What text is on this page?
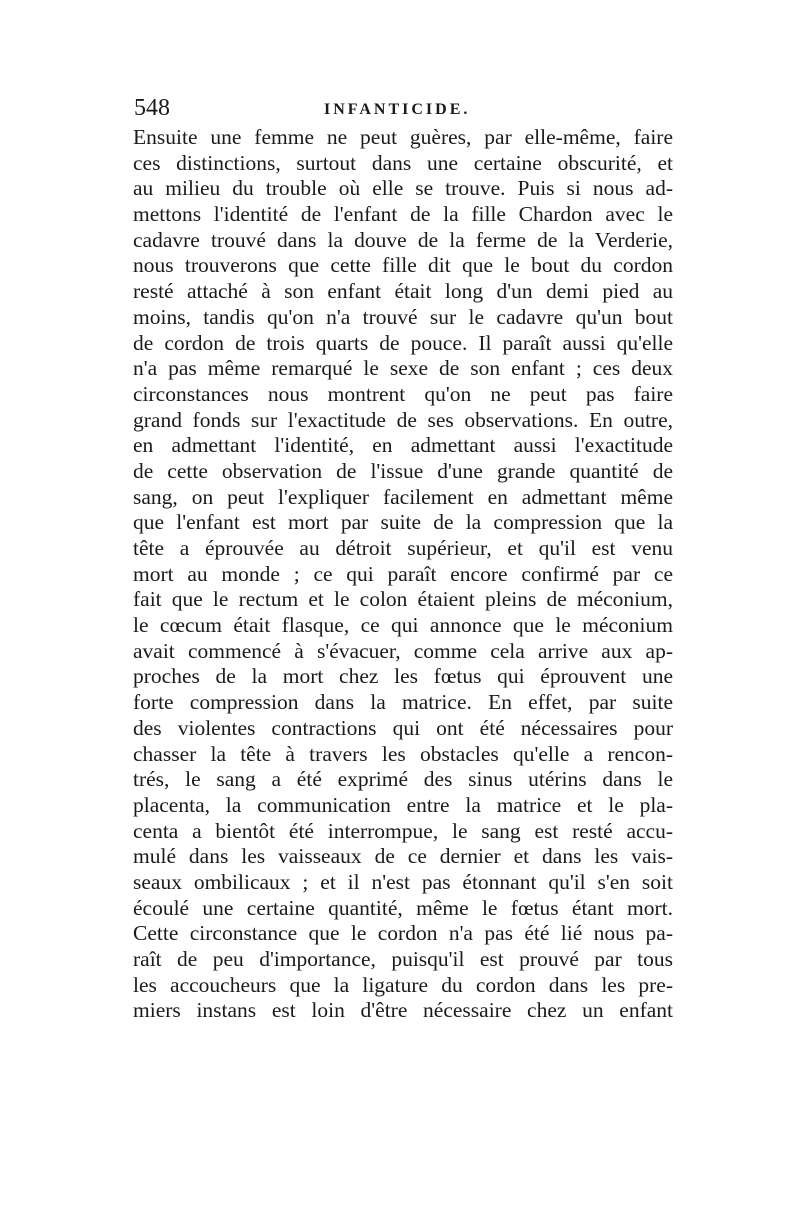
548	INFANTICIDE.
Ensuite une femme ne peut guères, par elle-même, faire
ces distinctions, surtout dans une certaine obscurité, et
au milieu du trouble où elle se trouve. Puis si nous ad-
mettons l'identité de l'enfant de la fille Chardon avec le
cadavre trouvé dans la douve de la ferme de la Verderie,
nous trouverons que cette fille dit que le bout du cordon
resté attaché à son enfant était long d'un demi pied au
moins, tandis qu'on n'a trouvé sur le cadavre qu'un bout
de cordon de trois quarts de pouce. Il paraît aussi qu'elle
n'a pas même remarqué le sexe de son enfant ; ces deux
circonstances nous montrent qu'on ne peut pas faire
grand fonds sur l'exactitude de ses observations. En outre,
en admettant l'identité, en admettant aussi l'exactitude
de cette observation de l'issue d'une grande quantité de
sang, on peut l'expliquer facilement en admettant même
que l'enfant est mort par suite de la compression que la
tête a éprouvée au détroit supérieur, et qu'il est venu
mort au monde ; ce qui paraît encore confirmé par ce
fait que le rectum et le colon étaient pleins de méconium,
le cœcum était flasque, ce qui annonce que le méconium
avait commencé à s'évacuer, comme cela arrive aux ap-
proches de la mort chez les fœtus qui éprouvent une
forte compression dans la matrice. En effet, par suite
des violentes contractions qui ont été nécessaires pour
chasser la tête à travers les obstacles qu'elle a rencon-
trés, le sang a été exprimé des sinus utérins dans le
placenta, la communication entre la matrice et le pla-
centa a bientôt été interrompue, le sang est resté accu-
mulé dans les vaisseaux de ce dernier et dans les vais-
seaux ombilicaux ; et il n'est pas étonnant qu'il s'en soit
écoulé une certaine quantité, même le fœtus étant mort.
Cette circonstance que le cordon n'a pas été lié nous pa-
raît de peu d'importance, puisqu'il est prouvé par tous
les accoucheurs que la ligature du cordon dans les pre-
miers instans est loin d'être nécessaire chez un enfant
